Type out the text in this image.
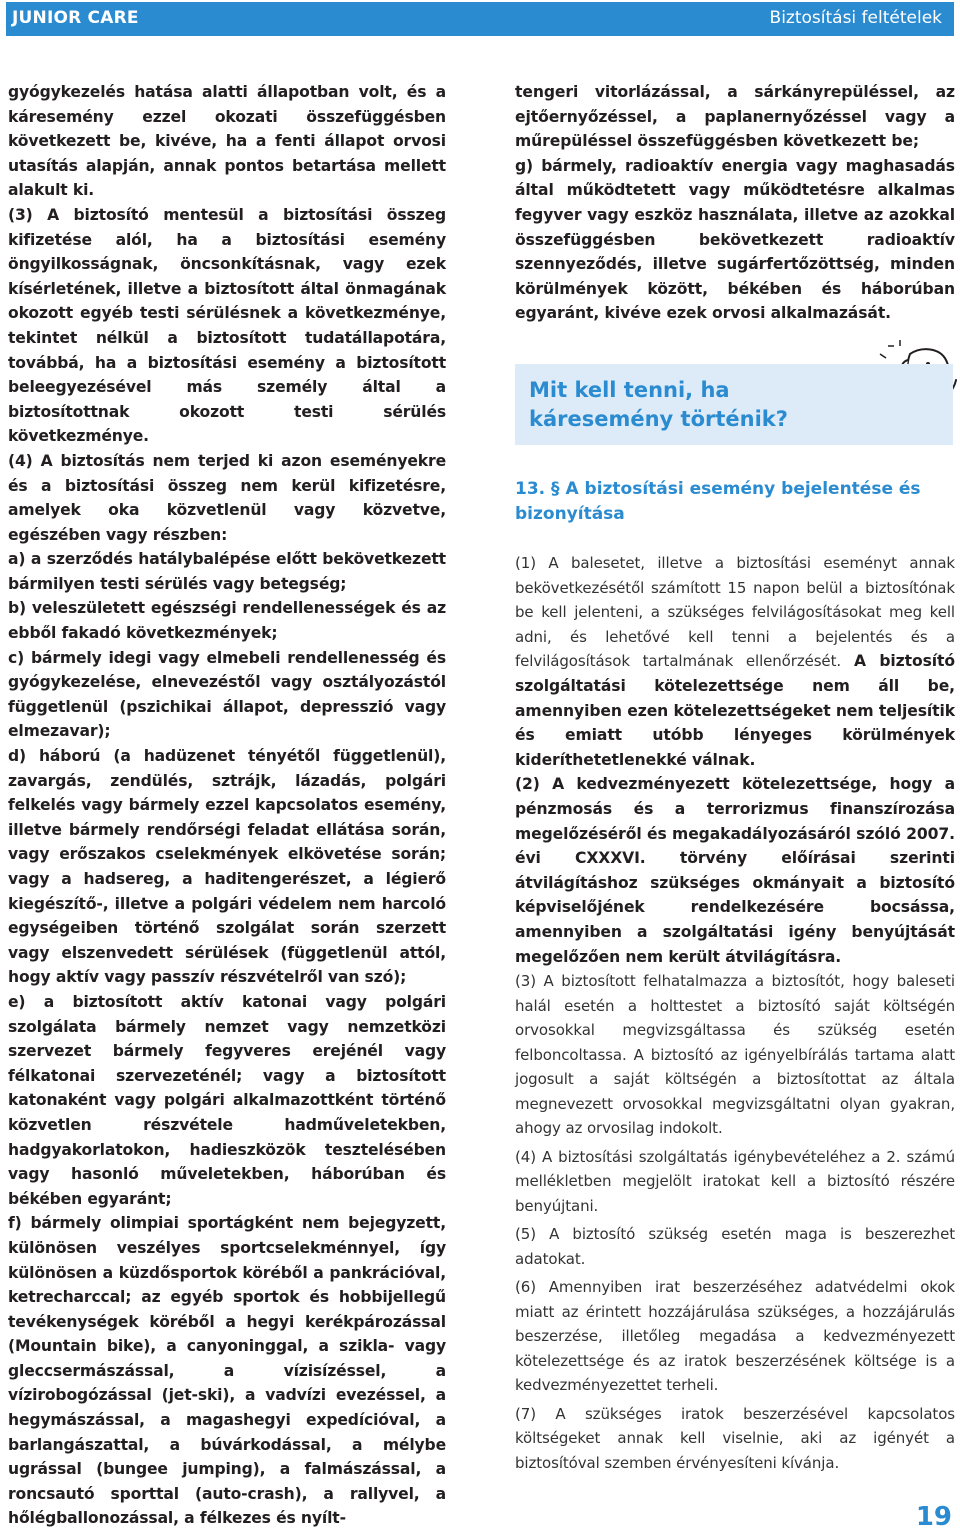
JUNIOR CARE	Biztosítási feltételek

gyógykezelés hatása alatti állapotban volt, és a káresemény ezzel okozati összefüggésben következett be, kivéve, ha a fenti állapot orvosi utasítás alapján, annak pontos betartása mellett alakult ki.

(3) A biztosító mentesül a biztosítási összeg kifizetése alól, ha a biztosítási esemény öngyilkosságnak, öncsonkításnak, vagy ezek kísérletének, illetve a biztosított által önmagának okozott egyéb testi sérülésnek a következménye, tekintet nélkül a biztosított tudatállapotára, továbbá, ha a biztosítási esemény a biztosított beleegyezésével más személy által a biztosítottnak okozott testi sérülés következménye.

(4) A biztosítás nem terjed ki azon eseményekre és a biztosítási összeg nem kerül kifizetésre, amelyek oka közvetlenül vagy közvetve, egészében vagy részben:

a) a szerződés hatálybalépése előtt bekövetkezett bármilyen testi sérülés vagy betegség;

b) veleszületett egészségi rendellenességek és az ebből fakadó következmények;

c) bármely idegi vagy elmebeli rendellenesség és gyógykezelése, elnevezéstől vagy osztályozástól függetlenül (pszichikai állapot, depresszió vagy elmezavar);

d) háború (a hadüzenet tényétől függetlenül), zavargás, zendülés, sztrájk, lázadás, polgári felkelés vagy bármely ezzel kapcsolatos esemény, illetve bármely rendőrségi feladat ellátása során, vagy erőszakos cselekmények elkövetése során; vagy a hadsereg, a haditengerészet, a légierő kiegészítő-, illetve a polgári védelem nem harcoló egységeiben történő szolgálat során szerzett vagy elszenvedett sérülések (függetlenül attól, hogy aktív vagy passzív részvételről van szó);

e) a biztosított aktív katonai vagy polgári szolgálata bármely nemzet vagy nemzetközi szervezet bármely fegyveres erejénél vagy félkatonai szervezeténél; vagy a biztosított katonaként vagy polgári alkalmazottként történő közvetlen részvétele hadműveletekben, hadgyakorlatokon, hadieszközök tesztelésében vagy hasonló műveletekben, háborúban és békében egyaránt;

f) bármely olimpiai sportágként nem bejegyzett, különösen veszélyes sportcselekménnyel, így különösen a küzdősportok köréből a pankrációval, ketrecharccal; az egyéb sportok és hobbijellegű tevékenységek köréből a hegyi kerékpározással (Mountain bike), a canyoninggal, a szikla- vagy gleccsermászással, a vízisízéssel, a vízirobogózással (jet-ski), a vadvízi evezéssel, a hegymászással, a magashegyi expedícióval, a barlangászattal, a búvárkodással, a mélybe ugrással (bungee jumping), a falmászással, a roncsautó sporttal (auto-crash), a rallyvel, a hőlégballonozással, a félkezes és nyílt-

tengeri vitorlázással, a sárkányrepüléssel, az ejtőernyőzéssel, a paplanernyőzéssel vagy a műrepüléssel összefüggésben következett be;

g) bármely, radioaktív energia vagy maghasadás által működtetett vagy működtetésre alkalmas fegyver vagy eszköz használata, illetve az azokkal összefüggésben bekövetkezett radioaktív szennyeződés, illetve sugárfertőzöttség, minden körülmények között, békében és háborúban egyaránt, kivéve ezek orvosi alkalmazását.

Mit kell tenni, ha káresemény történik?
13. § A biztosítási esemény bejelentése és bizonyítása

(1) A balesetet, illetve a biztosítási eseményt annak bekövetkezésétől számított 15 napon belül a biztosítónak be kell jelenteni, a szükséges felvilágosításokat meg kell adni, és lehetővé kell tenni a bejelentés és a felvilágosítások tartalmának ellenőrzését. A biztosító szolgáltatási kötelezettsége nem áll be, amennyiben ezen kötelezettségeket nem teljesítik és emiatt utóbb lényeges körülmények kideríthetetlenekké válnak.

(2) A kedvezményezett kötelezettsége, hogy a pénzmosás és a terrorizmus finanszírozása megelőzéséről és megakadályozásáról szóló 2007. évi CXXXVI. törvény előírásai szerinti átvilágításhoz szükséges okmányait a biztosító képviselőjének rendelkezésére bocsássa, amennyiben a szolgáltatási igény benyújtását megelőzően nem került átvilágításra.

(3) A biztosított felhatalmazza a biztosítót, hogy baleseti halál esetén a holttestet a biztosító saját költségén orvosokkal megvizsgáltassa és szükség esetén felboncoltassa. A biztosító az igényelbírálás tartama alatt jogosult a saját költségén a biztosítottat az általa megnevezett orvosokkal megvizsgáltatni olyan gyakran, ahogy az orvosilag indokolt.

(4) A biztosítási szolgáltatás igénybevételéhez a 2. számú mellékletben megjelölt iratokat kell a biztosító részére benyújtani.

(5) A biztosító szükség esetén maga is beszerezhet adatokat.

(6) Amennyiben irat beszerzéséhez adatvédelmi okok miatt az érintett hozzájárulása szükséges, a hozzájárulás beszerzése, illetőleg megadása a kedvezményezett kötelezettsége és az iratok beszerzésének költsége is a kedvezményezettet terheli.

(7) A szükséges iratok beszerzésével kapcsolatos költségeket annak kell viselnie, aki az igényét a biztosítóval szemben érvényesíteni kívánja.

19
